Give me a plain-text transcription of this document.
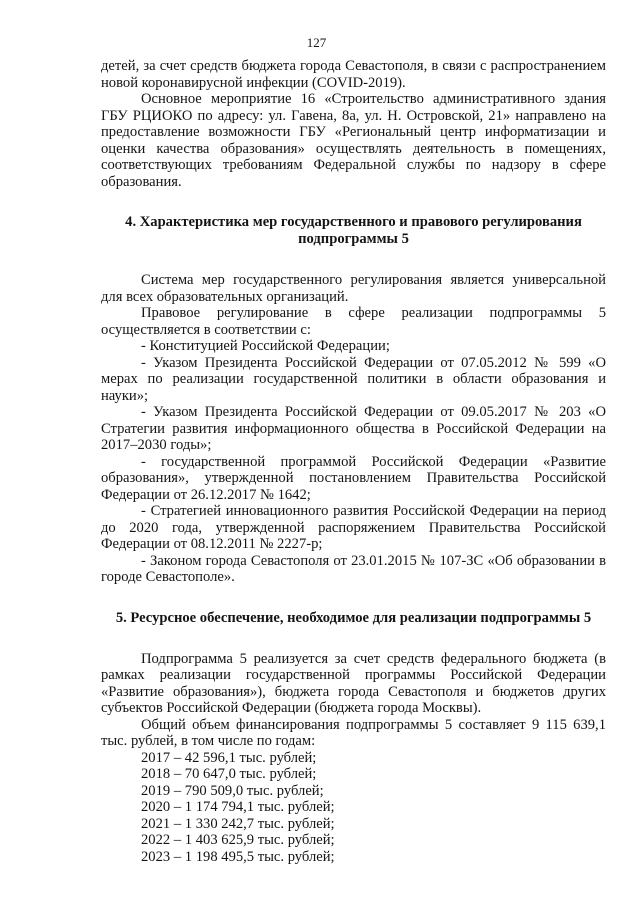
127

детей, за счет средств бюджета города Севастополя, в связи с распространением новой коронавирусной инфекции (COVID-2019).

Основное мероприятие 16 «Строительство административного здания ГБУ РЦИОКО по адресу: ул. Гавена, 8а, ул. Н. Островской, 21» направлено на предоставление возможности ГБУ «Региональный центр информатизации и оценки качества образования» осуществлять деятельность в помещениях, соответствующих требованиям Федеральной службы по надзору в сфере образования.

4. Характеристика мер государственного и правового регулирования подпрограммы 5

Система мер государственного регулирования является универсальной для всех образовательных организаций.

Правовое регулирование в сфере реализации подпрограммы 5 осуществляется в соответствии с:

- Конституцией Российской Федерации;

- Указом Президента Российской Федерации от 07.05.2012 № 599 «О мерах по реализации государственной политики в области образования и науки»;

- Указом Президента Российской Федерации от 09.05.2017 № 203 «О Стратегии развития информационного общества в Российской Федерации на 2017–2030 годы»;

- государственной программой Российской Федерации «Развитие образования», утвержденной постановлением Правительства Российской Федерации от 26.12.2017 № 1642;

- Стратегией инновационного развития Российской Федерации на период до 2020 года, утвержденной распоряжением Правительства Российской Федерации от 08.12.2011 № 2227-р;

- Законом города Севастополя от 23.01.2015 № 107-ЗС «Об образовании в городе Севастополе».

5. Ресурсное обеспечение, необходимое для реализации подпрограммы 5

Подпрограмма 5 реализуется за счет средств федерального бюджета (в рамках реализации государственной программы Российской Федерации «Развитие образования»), бюджета города Севастополя и бюджетов других субъектов Российской Федерации (бюджета города Москвы).

Общий объем финансирования подпрограммы 5 составляет 9 115 639,1 тыс. рублей, в том числе по годам:

2017 – 42 596,1 тыс. рублей;
2018 – 70 647,0 тыс. рублей;
2019 – 790 509,0 тыс. рублей;
2020 – 1 174 794,1 тыс. рублей;
2021 – 1 330 242,7 тыс. рублей;
2022 – 1 403 625,9 тыс. рублей;
2023 – 1 198 495,5 тыс. рублей;
